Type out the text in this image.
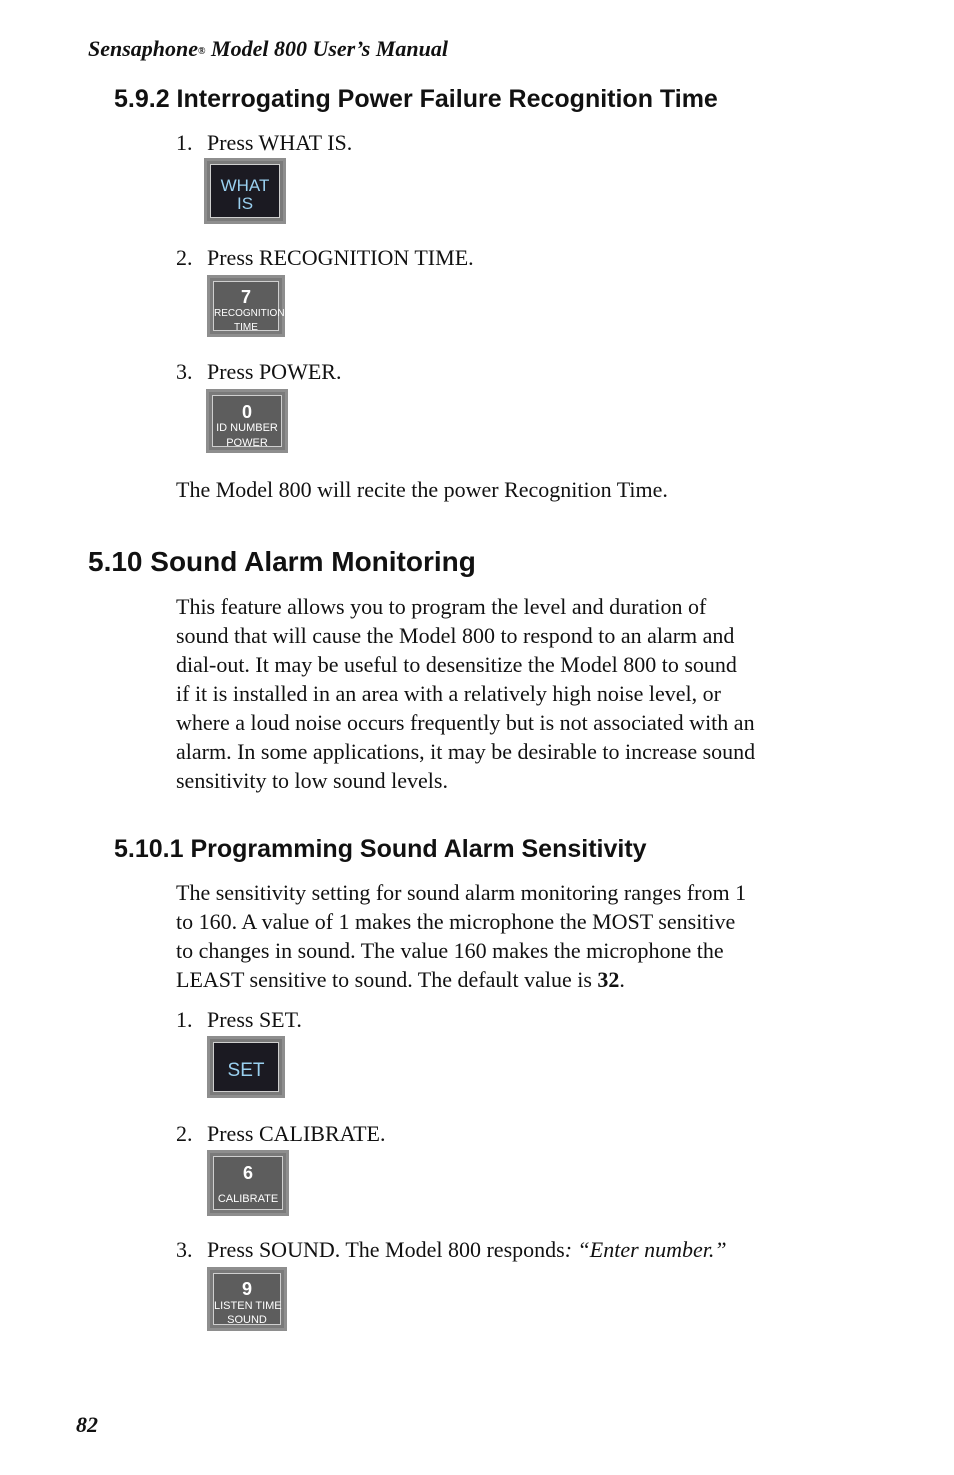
Sensaphone® Model 800 User’s Manual
5.9.2 Interrogating Power Failure Recognition Time
1. Press WHAT IS.
WHAT
IS
2. Press RECOGNITION TIME.
7
RECOGNITION
TIME
3. Press POWER.
0
ID NUMBER
POWER
The Model 800 will recite the power Recognition Time.
5.10 Sound Alarm Monitoring

This feature allows you to program the level and duration of

sound that will cause the Model 800 to respond to an alarm and

dial-out. It may be useful to desensitize the Model 800 to sound

if it is installed in an area with a relatively high noise level, or

where a loud noise occurs frequently but is not associated with an

alarm. In some applications, it may be desirable to increase sound

sensitivity to low sound levels.

5.10.1 Programming Sound Alarm Sensitivity

The sensitivity setting for sound alarm monitoring ranges from 1

to 160. A value of 1 makes the microphone the MOST sensitive

to changes in sound. The value 160 makes the microphone the

LEAST sensitive to sound. The default value is 32.

1. Press SET.
SET
2. Press CALIBRATE.
6
CALIBRATE
3. Press SOUND. The Model 800 responds: “Enter number.”
9
LISTEN TIME
SOUND
82
